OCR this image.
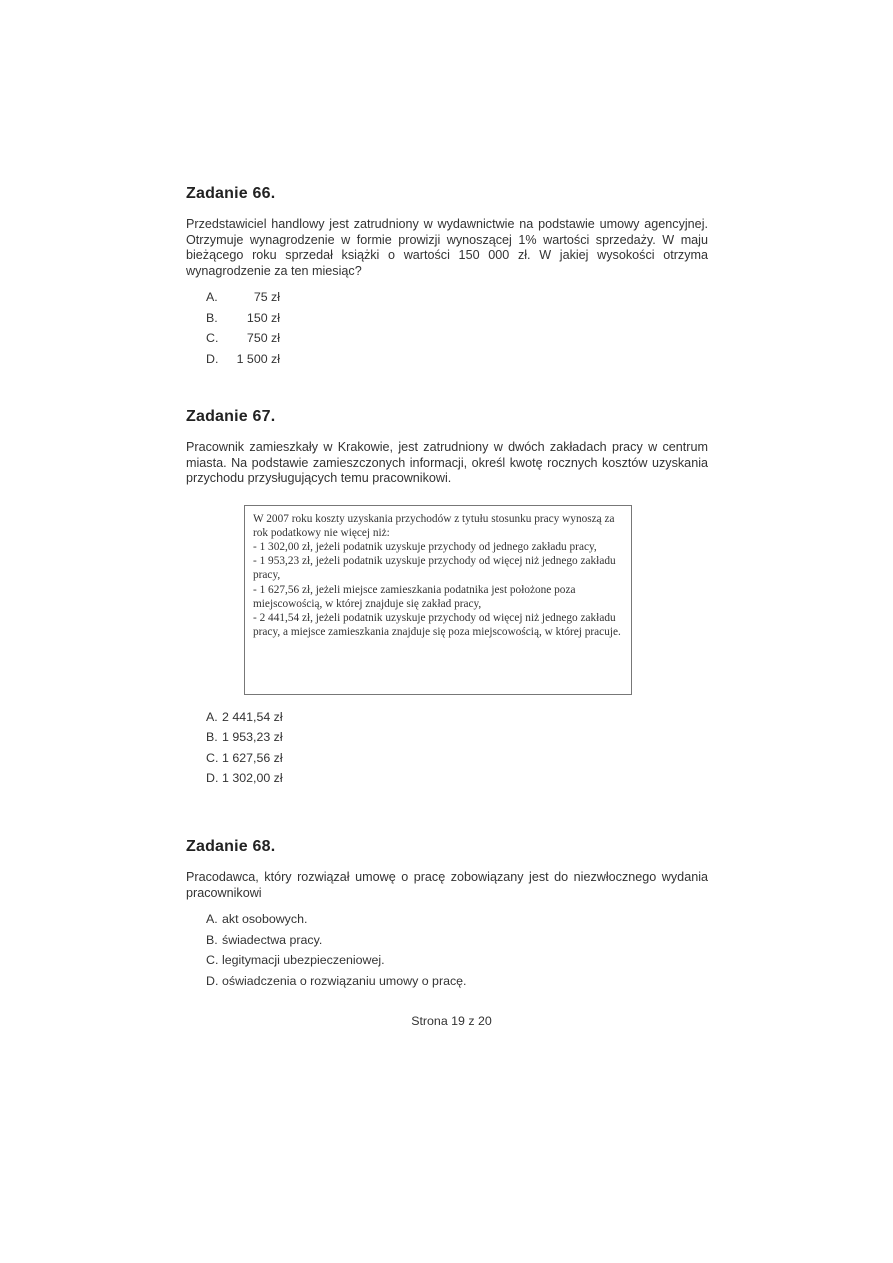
Zadanie 66.

Przedstawiciel handlowy jest zatrudniony w wydawnictwie na podstawie umowy agencyjnej. Otrzymuje wynagrodzenie w formie prowizji wynoszącej 1% wartości sprzedaży. W maju bieżącego roku sprzedał książki o wartości 150 000 zł. W jakiej wysokości otrzyma wynagrodzenie za ten miesiąc?

A.	75 zł
B. 150 zł
C. 750 zł
D. 1 500 zł
Zadanie 67.

Pracownik zamieszkały w Krakowie, jest zatrudniony w dwóch zakładach pracy w centrum miasta. Na podstawie zamieszczonych informacji, określ kwotę rocznych kosztów uzyskania przychodu przysługujących temu pracownikowi.

W 2007 roku koszty uzyskania przychodów z tytułu stosunku pracy wynoszą za rok podatkowy nie więcej niż:

- 1 302,00 zł, jeżeli podatnik uzyskuje przychody od jednego zakładu pracy,

- 1 953,23 zł, jeżeli podatnik uzyskuje przychody od więcej niż jednego zakładu pracy,

- 1 627,56 zł, jeżeli miejsce zamieszkania podatnika jest położone poza miejscowością, w której znajduje się zakład pracy,

- 2 441,54 zł, jeżeli podatnik uzyskuje przychody od więcej niż jednego zakładu pracy, a miejsce zamieszkania znajduje się poza miejscowością, w której pracuje.

A. 2 441,54 zł
B. 1 953,23 zł
C. 1 627,56 zł
D. 1 302,00 zł
Zadanie 68.

Pracodawca, który rozwiązał umowę o pracę zobowiązany jest do niezwłocznego wydania pracownikowi

A. akt osobowych.
B. świadectwa pracy.
C. legitymacji ubezpieczeniowej.
D. oświadczenia o rozwiązaniu umowy o pracę.
Strona 19 z 20
